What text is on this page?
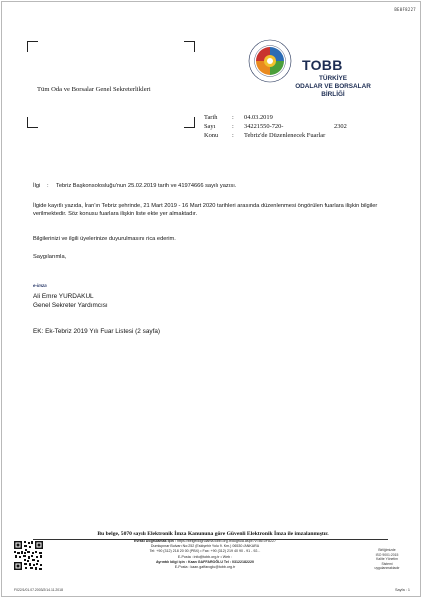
BE0F8227
Tüm Oda ve Borsalar Genel Sekreterlikleri
TOBB
TÜRKİYE
ODALAR VE BORSALAR
BİRLİĞİ
Tarih : 04.03.2019
Sayı	: 34221550-720-	2302
Konu : Tebriz'de Düzenlenecek Fuarlar
İlgi : Tebriz Başkonsolosluğu'nun 25.02.2019 tarih ve 41974666 sayılı yazısı.
İlgide kayıtlı yazıda, İran'ın Tebriz şehrinde, 21 Mart 2019 - 16 Mart 2020 tarihleri arasında düzenlenmesi öngörülen fuarlara ilişkin bilgiler verilmektedir. Söz konusu fuarlara ilişkin liste ekte yer almaktadır.
Bilgilerinizi ve ilgili üyelerinize duyurulmasını rica ederim.
Saygılarımla,
e-imza
Ali Emre YURDAKUL
Genel Sekreter Yardımcısı
EK: Ek-Tebriz 2019 Yılı Fuar Listesi (2 sayfa)
Bu belge, 5070 sayılı Elektronik İmza Kanununa göre Güvenli Elektronik İmza ile imzalanmıştır.
Evrakı Doğrulamak İçin : https://belgedogrulama.tobb.org.tr/dogrula.aspx?V=BE0F8227
Dumlupınar Bulvarı No:252 (Eskişehir Yolu 9. Km.) 06530 /ANKARA
Tel: +90 (312) 218 20 00 (PBX) • Fax: +90 (312) 219 40 90 - 91 - 92...
E-Posta : info@tobb.org.tr • Web :
Ayrıntılı bilgi için : Kaan GAFFAROĞLU Tel : 03122182220
E-Posta : kaan.gaffaroglu@tobb.org.tr
Birliğimizde
ISO 9001:2015
Kalite Yönetim
Sistemi
uygulanmaktadır
F022/1/01.07.2003/2/14.11.2018	Sayfa : 1
